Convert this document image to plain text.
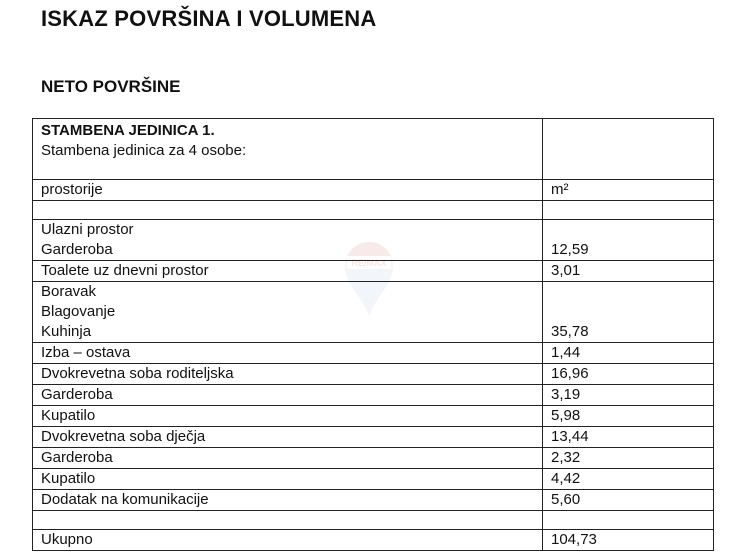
ISKAZ POVRŠINA I VOLUMENA
NETO POVRŠINE
RE/MAX
STAMBENA JEDINICA 1.
Stambena jedinica za 4 osobe:	

prostorije	m²

Ulazni prostor
Garderoba	12,59

Toalete uz dnevni prostor	3,01

Boravak
Blagovanje
Kuhinja	35,78

Izba – ostava	1,44

Dvokrevetna soba roditeljska	16,96

Garderoba	3,19

Kupatilo	5,98

Dvokrevetna soba dječja	13,44

Garderoba	2,32

Kupatilo	4,42

Dodatak na komunikacije	5,60

Ukupno	104,73
